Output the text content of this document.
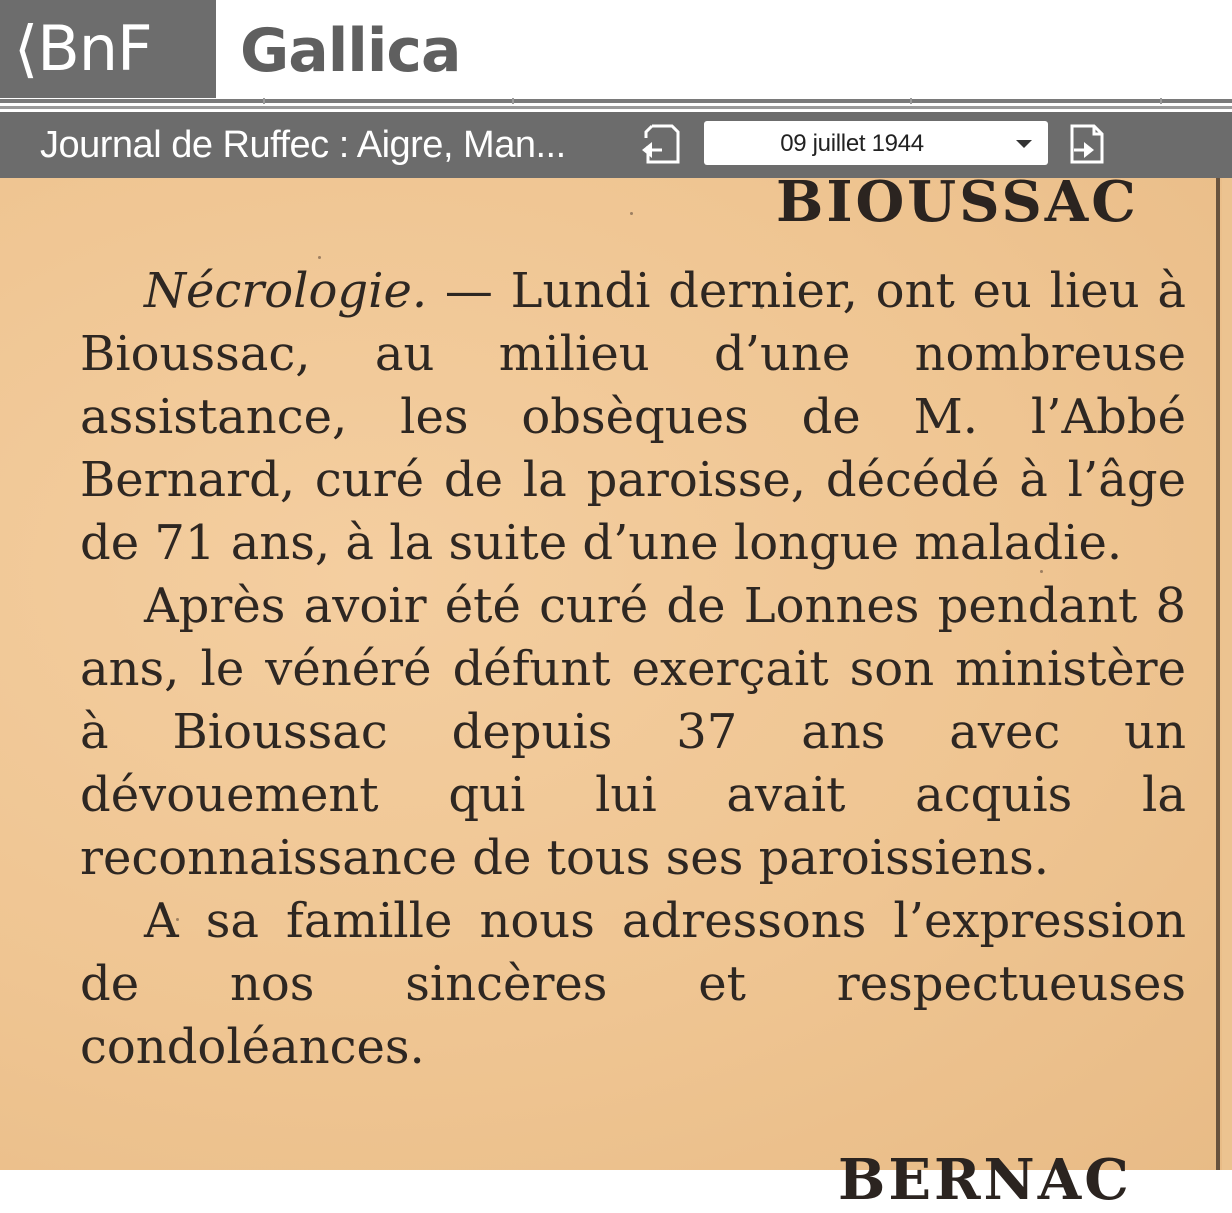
⟨BnF Gallica
Journal de Ruffec : Aigre, Man...	09 juillet 1944
BIOUSSAC

Nécrologie. — Lundi dernier, ont eu lieu à Bioussac, au milieu d’une nombreuse assistance, les obsèques de M. l’Abbé Bernard, curé de la paroisse, décédé à l’âge de 71 ans, à la suite d’une longue maladie.

Après avoir été curé de Lonnes pendant 8 ans, le vénéré défunt exerçait son ministère à Bioussac depuis 37 ans avec un dévouement qui lui avait acquis la reconnaissance de tous ses paroissiens.

A sa famille nous adressons l’expression de nos sincères et respectueuses condoléances.

BERNAC
